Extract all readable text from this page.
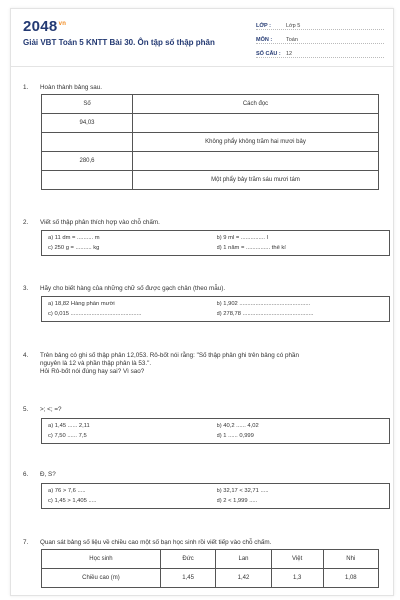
$2048^{vn}$
Giải VBT Toán 5 KNTT Bài 30. Ôn tập số thập phân
LỚP :	Lớp 5
MÔN :	Toán
SỐ CÂU : 12
1.	Hoàn thành bảng sau.
Số	Cách đọc
94,03	
	Không phẩy không trăm hai mươi bảy
280,6	
	Một phẩy bảy trăm sáu mươi tám
2.	Viết số thập phân thích hợp vào chỗ chấm.
a) 11 dm = .......... m	b) 9 ml = ............... l
c) 250 g = .......... kg	d) 1 năm = ............... thế kỉ
3.	Hãy cho biết hàng của những chữ số được gạch chân (theo mẫu).
a) 18,82 Hàng phần mười	b) 1,902 ............................................
c) 0,015 ............................................	d) 278,78 ............................................
4.	Trên bảng có ghi số thập phân 12,053. Rô-bốt nói rằng: "Số thập phân ghi trên bảng có phần
nguyên là 12 và phần thập phân là 53.".
Hỏi Rô-bốt nói đúng hay sai? Vì sao?
5.	>; <; =?
a) 1,45 ...... 2,11	b) 40,2 ...... 4,02
c) 7,50 ...... 7,5	d) 1 ...... 0,999
6.	Đ, S?
a) 76 > 7,6 .....	b) 32,17 < 32,71 .....
c) 1,45 > 1,405 .....	d) 2 < 1,999 .....
7.	Quan sát bảng số liệu về chiều cao một số bạn học sinh rồi viết tiếp vào chỗ chấm.
Học sinh	Đức	Lan	Việt	Nhi
Chiều cao (m)	1,45	1,42	1,3	1,08
